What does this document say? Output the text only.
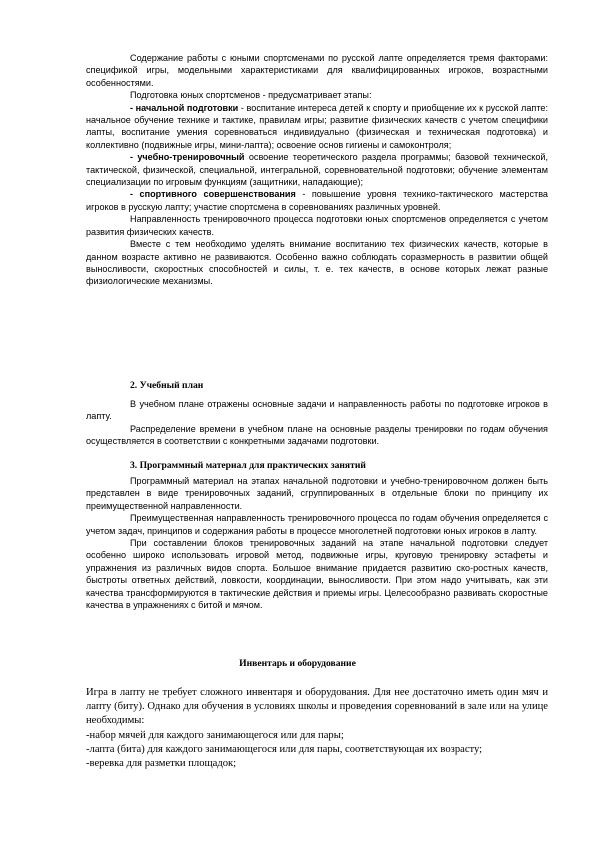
Содержание работы с юными спортсменами по русской лапте определяется тремя факторами: спецификой игры, модельными характеристиками для квалифицированных игроков, возрастными особенностями.

Подготовка юных спортсменов - предусматривает этапы:

- начальной подготовки - воспитание интереса детей к спорту и приобщение их к русской лапте: начальное обучение технике и тактике, правилам игры; развитие физических качеств с учетом специфики лапты, воспитание умения соревноваться индивидуально (физическая и техническая подготовка) и коллективно (подвижные игры, мини-лапта); освоение основ гигиены и самоконтроля;

- учебно-тренировочный освоение теоретического раздела программы; базовой технической, тактической, физической, специальной, интегральной, соревновательной подготовки; обучение элементам специализации по игровым функциям (защитники, нападающие);

- спортивного совершенствования - повышение уровня технико-тактического мастерства игроков в русскую лапту; участие спортсмена в соревнованиях различных уровней.

Направленность тренировочного процесса подготовки юных спортсменов определяется с учетом развития физических качеств.

Вместе с тем необходимо уделять внимание воспитанию тех физических качеств, которые в данном возрасте активно не развиваются. Особенно важно соблюдать соразмерность в развитии общей выносливости, скоростных способностей и силы, т. е. тех качеств, в основе которых лежат разные физиологические механизмы.

2. Учебный план

В учебном плане отражены основные задачи и направленность работы по подготовке игроков в лапту.

Распределение времени в учебном плане на основные разделы тренировки по годам обучения осуществляется в соответствии с конкретными задачами подготовки.

3. Программный материал для практических занятий

Программный материал на этапах начальной подготовки и учебно-тренировочном должен быть представлен в виде тренировочных заданий, сгруппированных в отдельные блоки по принципу их преимущественной направленности.

Преимущественная направленность тренировочного процесса по годам обучения определяется с учетом задач, принципов и содержания работы в процессе многолетней подготовки юных игроков в лапту.

При составлении блоков тренировочных заданий на этапе начальной подготовки следует особенно широко использовать игровой метод, подвижные игры, круговую тренировку эстафеты и упражнения из различных видов спорта. Большое внимание придается развитию ско-ростных качеств, быстроты ответных действий, ловкости, координации, выносливости. При этом надо учитывать, как эти качества трансформируются в тактические действия и приемы игры. Целесообразно развивать скоростные качества в упражнениях с битой и мячом.

Инвентарь и оборудование

Игра в лапту не требует сложного инвентаря и оборудования. Для нее достаточно иметь один мяч и лапту (биту). Однако для обучения в условиях школы и проведения соревнований в зале или на улице необходимы:

-набор мячей для каждого занимающегося или для пары;

-лапта (бита) для каждого занимающегося или для пары, соответствующая их возрасту;

-веревка для разметки площадок;
